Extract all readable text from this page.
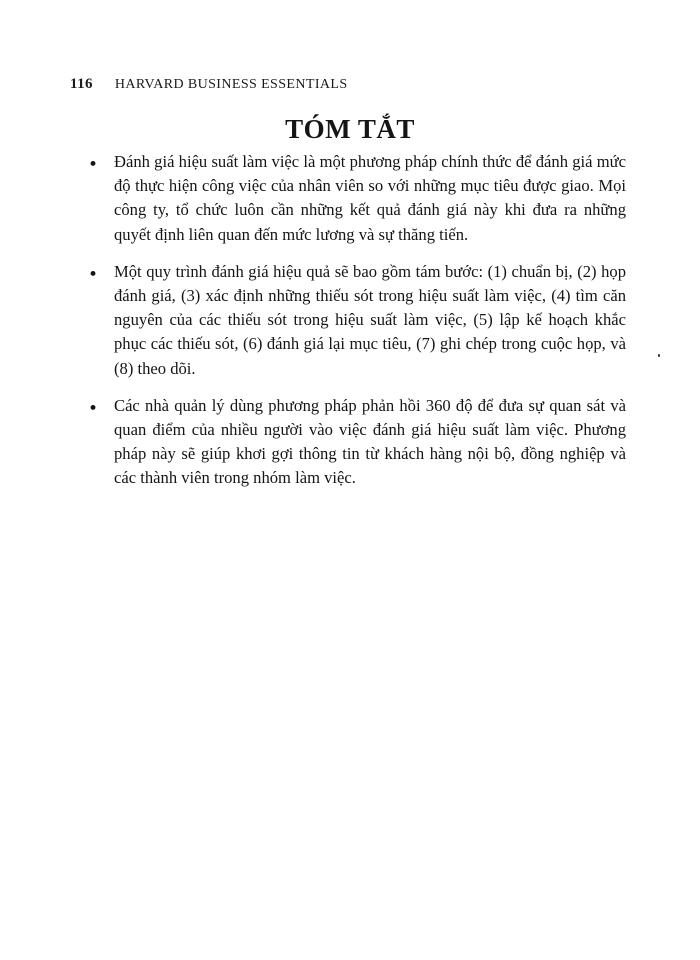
116 HARVARD BUSINESS ESSENTIALS
TÓM TẮT
• Đánh giá hiệu suất làm việc là một phương pháp chính thức để đánh giá mức độ thực hiện công việc của nhân viên so với những mục tiêu được giao. Mọi công ty, tổ chức luôn cần những kết quả đánh giá này khi đưa ra những quyết định liên quan đến mức lương và sự thăng tiến.
• Một quy trình đánh giá hiệu quả sẽ bao gồm tám bước: (1) chuẩn bị, (2) họp đánh giá, (3) xác định những thiếu sót trong hiệu suất làm việc, (4) tìm căn nguyên của các thiếu sót trong hiệu suất làm việc, (5) lập kế hoạch khắc phục các thiếu sót, (6) đánh giá lại mục tiêu, (7) ghi chép trong cuộc họp, và (8) theo dõi.
• Các nhà quản lý dùng phương pháp phản hồi 360 độ để đưa sự quan sát và quan điểm của nhiều người vào việc đánh giá hiệu suất làm việc. Phương pháp này sẽ giúp khơi gợi thông tin từ khách hàng nội bộ, đồng nghiệp và các thành viên trong nhóm làm việc.
